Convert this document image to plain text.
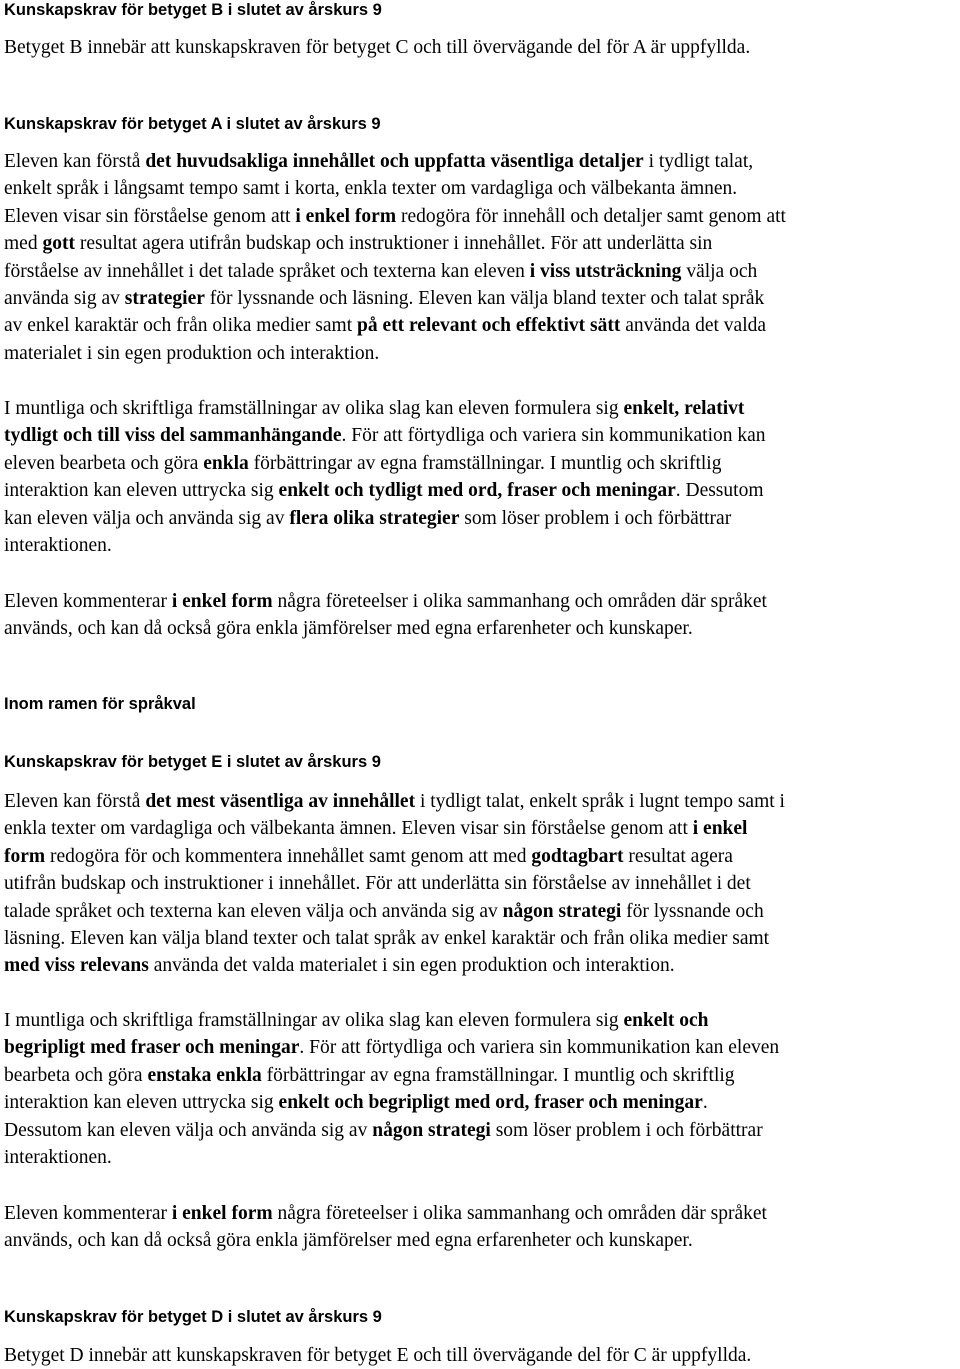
Kunskapskrav för betyget B i slutet av årskurs 9
Betyget B innebär att kunskapskraven för betyget C och till övervägande del för A är uppfyllda.
Kunskapskrav för betyget A i slutet av årskurs 9
Eleven kan förstå det huvudsakliga innehållet och uppfatta väsentliga detaljer i tydligt talat,
enkelt språk i långsamt tempo samt i korta, enkla texter om vardagliga och välbekanta ämnen.
Eleven visar sin förståelse genom att i enkel form redogöra för innehåll och detaljer samt genom att
med gott resultat agera utifrån budskap och instruktioner i innehållet. För att underlätta sin
förståelse av innehållet i det talade språket och texterna kan eleven i viss utsträckning välja och
använda sig av strategier för lyssnande och läsning. Eleven kan välja bland texter och talat språk
av enkel karaktär och från olika medier samt på ett relevant och effektivt sätt använda det valda
materialet i sin egen produktion och interaktion.
I muntliga och skriftliga framställningar av olika slag kan eleven formulera sig enkelt, relativt
tydligt och till viss del sammanhängande. För att förtydliga och variera sin kommunikation kan
eleven bearbeta och göra enkla förbättringar av egna framställningar. I muntlig och skriftlig
interaktion kan eleven uttrycka sig enkelt och tydligt med ord, fraser och meningar. Dessutom
kan eleven välja och använda sig av flera olika strategier som löser problem i och förbättrar
interaktionen.
Eleven kommenterar i enkel form några företeelser i olika sammanhang och områden där språket
används, och kan då också göra enkla jämförelser med egna erfarenheter och kunskaper.
Inom ramen för språkval
Kunskapskrav för betyget E i slutet av årskurs 9
Eleven kan förstå det mest väsentliga av innehållet i tydligt talat, enkelt språk i lugnt tempo samt i
enkla texter om vardagliga och välbekanta ämnen. Eleven visar sin förståelse genom att i enkel
form redogöra för och kommentera innehållet samt genom att med godtagbart resultat agera
utifrån budskap och instruktioner i innehållet. För att underlätta sin förståelse av innehållet i det
talade språket och texterna kan eleven välja och använda sig av någon strategi för lyssnande och
läsning. Eleven kan välja bland texter och talat språk av enkel karaktär och från olika medier samt
med viss relevans använda det valda materialet i sin egen produktion och interaktion.
I muntliga och skriftliga framställningar av olika slag kan eleven formulera sig enkelt och
begripligt med fraser och meningar. För att förtydliga och variera sin kommunikation kan eleven
bearbeta och göra enstaka enkla förbättringar av egna framställningar. I muntlig och skriftlig
interaktion kan eleven uttrycka sig enkelt och begripligt med ord, fraser och meningar.
Dessutom kan eleven välja och använda sig av någon strategi som löser problem i och förbättrar
interaktionen.
Eleven kommenterar i enkel form några företeelser i olika sammanhang och områden där språket
används, och kan då också göra enkla jämförelser med egna erfarenheter och kunskaper.
Kunskapskrav för betyget D i slutet av årskurs 9
Betyget D innebär att kunskapskraven för betyget E och till övervägande del för C är uppfyllda.
